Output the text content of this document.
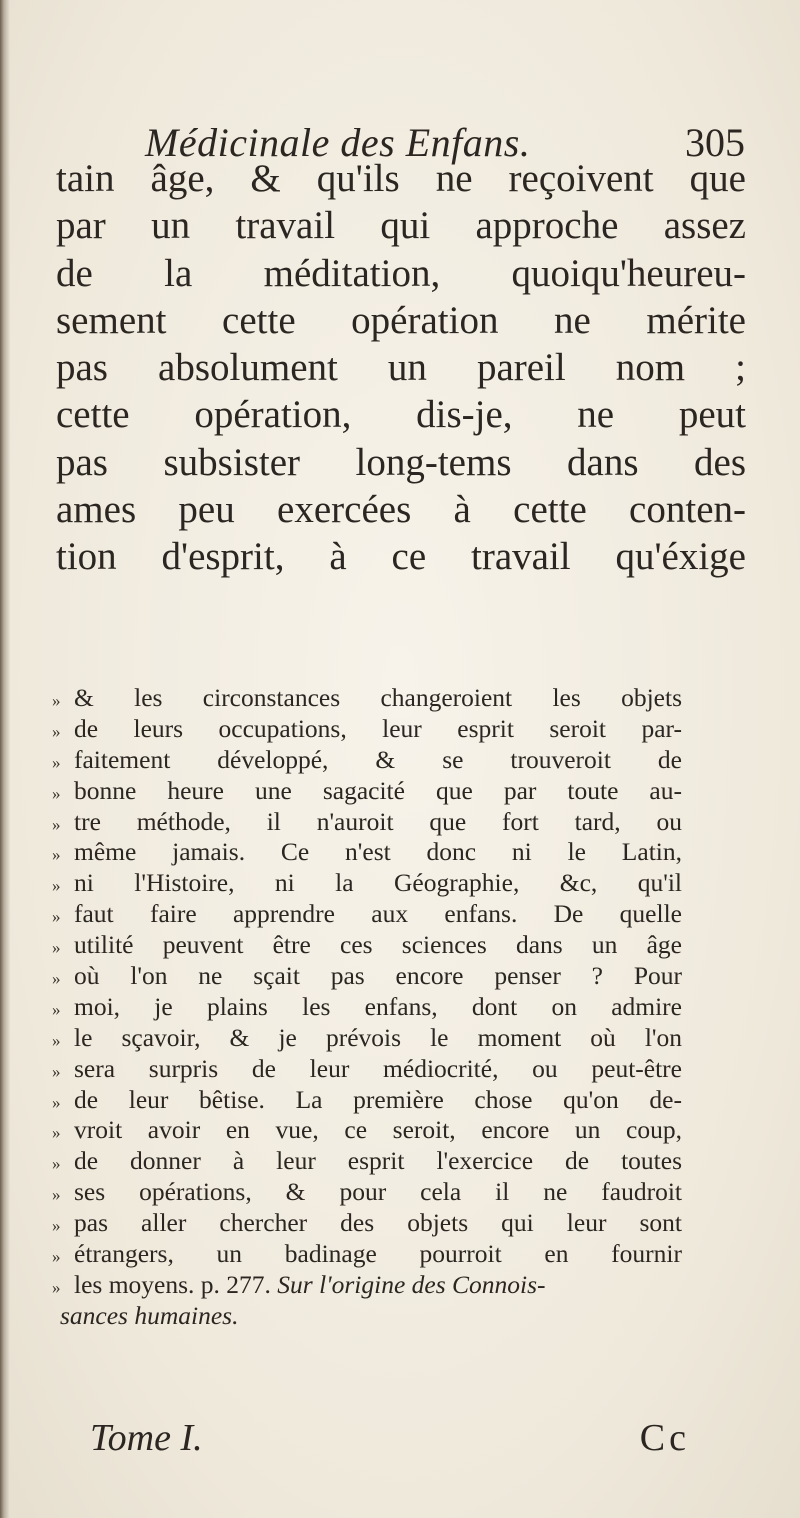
Médicinale des Enfans.	305
tain âge, & qu'ils ne reçoivent que
par un travail qui approche assez
de la méditation, quoiqu'heureu-
sement cette opération ne mérite
pas absolument un pareil nom ;
cette opération, dis-je, ne peut
pas subsister long-tems dans des
ames peu exercées à cette conten-
tion d'esprit, à ce travail qu'éxige
» & les circonstances changeroient les objets
» de leurs occupations, leur esprit seroit par-
» faitement développé, & se trouveroit de
» bonne heure une sagacité que par toute au-
» tre méthode, il n'auroit que fort tard, ou
» même jamais. Ce n'est donc ni le Latin,
» ni l'Histoire, ni la Géographie, &c, qu'il
» faut faire apprendre aux enfans. De quelle
» utilité peuvent être ces sciences dans un âge
» où l'on ne sçait pas encore penser ? Pour
» moi, je plains les enfans, dont on admire
» le sçavoir, & je prévois le moment où l'on
» sera surpris de leur médiocrité, ou peut-être
» de leur bêtise. La première chose qu'on de-
» vroit avoir en vue, ce seroit, encore un coup,
» de donner à leur esprit l'exercice de toutes
» ses opérations, & pour cela il ne faudroit
» pas aller chercher des objets qui leur sont
» étrangers, un badinage pourroit en fournir
» les moyens. p. 277. Sur l'origine des Connois-
sances humaines.
Tome I.	Cc
